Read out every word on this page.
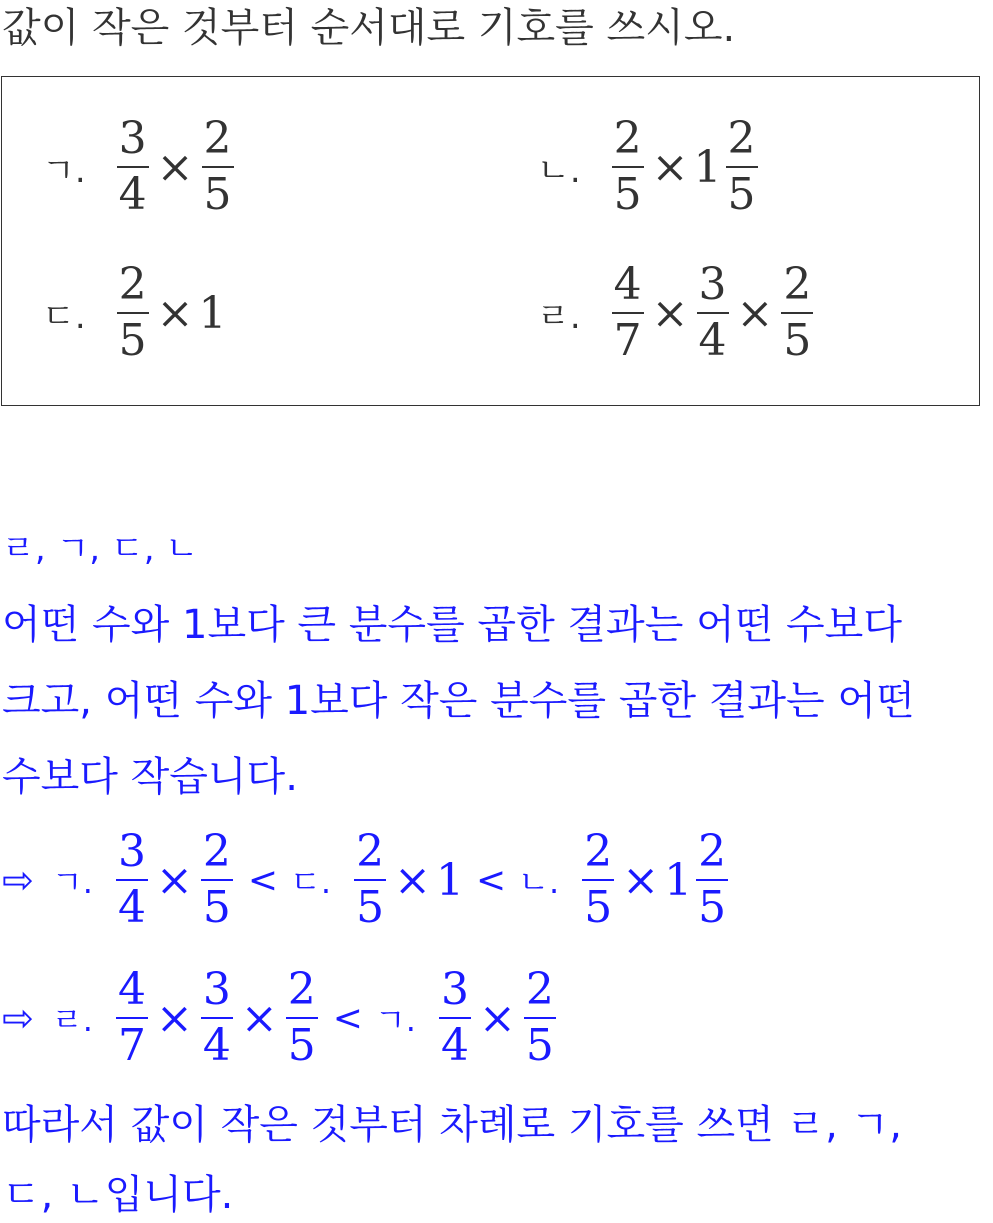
값이 작은 것부터 순서대로 기호를 쓰시오.
ㄱ. $\frac{3}{4} \times \frac{2}{5}$	ㄴ. $\frac{2}{5} \times 1 \frac{2}{5}$
ㄷ. $\frac{2}{5} \times 1$	ㄹ. $\frac{4}{7} \times \frac{3}{4} \times \frac{2}{5}$
ㄹ, ㄱ, ㄷ, ㄴ
어떤 수와 1보다 큰 분수를 곱한 결과는 어떤 수보다
크고, 어떤 수와 1보다 작은 분수를 곱한 결과는 어떤
수보다 작습니다.
⇨ ㄱ. $\frac{3}{4} \times \frac{2}{5}$ < ㄷ. $\frac{2}{5} \times 1$ < ㄴ. $\frac{2}{5} \times 1 \frac{2}{5}$
⇨ ㄹ. $\frac{4}{7} \times \frac{3}{4} \times \frac{2}{5}$ < ㄱ. $\frac{3}{4} \times \frac{2}{5}$
따라서 값이 작은 것부터 차례로 기호를 쓰면 ㄹ, ㄱ,
ㄷ, ㄴ입니다.
